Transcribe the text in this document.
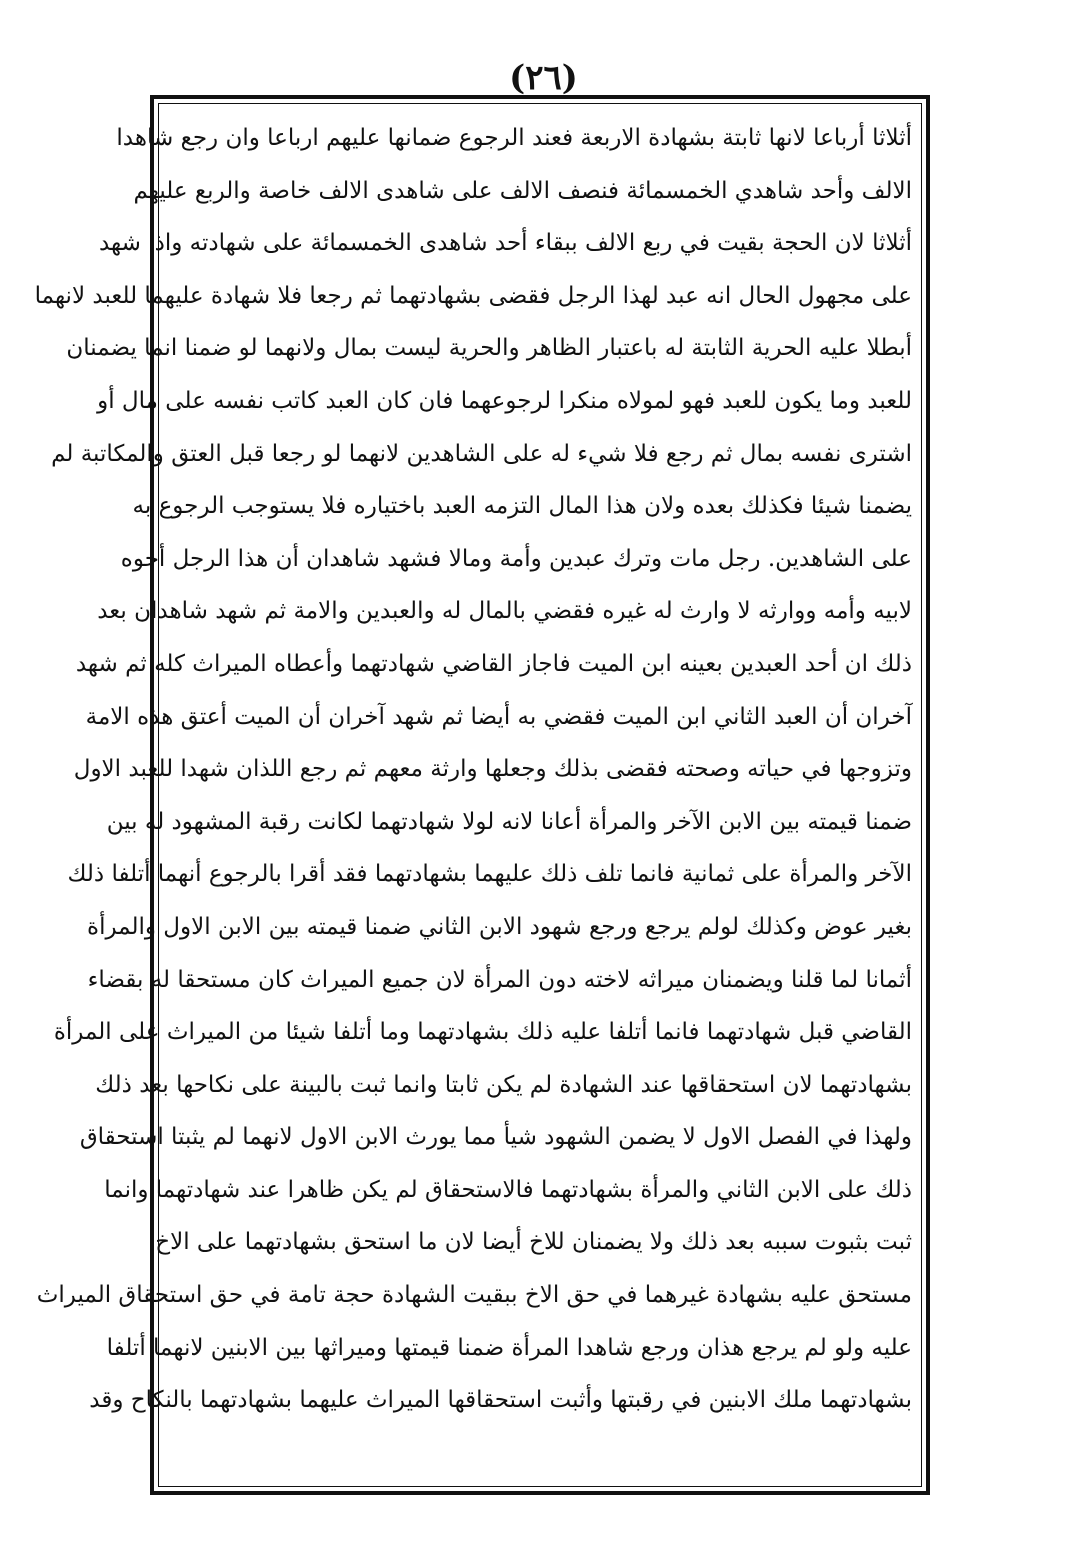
(٢٦)
أثلاثا أرباعا لانها ثابتة بشهادة الاربعة فعند الرجوع ضمانها عليهم ارباعا وان رجع شاهدا
الالف وأحد شاهدي الخمسمائة فنصف الالف على شاهدى الالف خاصة والربع عليهم
أثلاثا لان الحجة بقيت في ربع الالف ببقاء أحد شاهدى الخمسمائة على شهادته واذا شهد
على مجهول الحال انه عبد لهذا الرجل فقضى بشهادتهما ثم رجعا فلا شهادة عليهما للعبد لانهما
أبطلا عليه الحرية الثابتة له باعتبار الظاهر والحرية ليست بمال ولانهما لو ضمنا انما يضمنان
للعبد وما يكون للعبد فهو لمولاه منكرا لرجوعهما فان كان العبد كاتب نفسه على مال أو
اشترى نفسه بمال ثم رجع فلا شيء له على الشاهدين لانهما لو رجعا قبل العتق والمكاتبة لم
يضمنا شيئا فكذلك بعده ولان هذا المال التزمه العبد باختياره فلا يستوجب الرجوع به
على الشاهدين. رجل مات وترك عبدين وأمة ومالا فشهد شاهدان أن هذا الرجل أخوه
لابيه وأمه ووارثه لا وارث له غيره فقضي بالمال له والعبدين والامة ثم شهد شاهدان بعد
ذلك ان أحد العبدين بعينه ابن الميت فاجاز القاضي شهادتهما وأعطاه الميراث كله ثم شهد
آخران أن العبد الثاني ابن الميت فقضي به أيضا ثم شهد آخران أن الميت أعتق هذه الامة
وتزوجها في حياته وصحته فقضى بذلك وجعلها وارثة معهم ثم رجع اللذان شهدا للعبد الاول
ضمنا قيمته بين الابن الآخر والمرأة أعانا لانه لولا شهادتهما لكانت رقبة المشهود له بين
الآخر والمرأة على ثمانية فانما تلف ذلك عليهما بشهادتهما فقد أقرا بالرجوع أنهما أتلفا ذلك
بغير عوض وكذلك لولم يرجع ورجع شهود الابن الثاني ضمنا قيمته بين الابن الاول والمرأة
أثمانا لما قلنا ويضمنان ميراثه لاخته دون المرأة لان جميع الميراث كان مستحقا له بقضاء
القاضي قبل شهادتهما فانما أتلفا عليه ذلك بشهادتهما وما أتلفا شيئا من الميراث على المرأة
بشهادتهما لان استحقاقها عند الشهادة لم يكن ثابتا وانما ثبت بالبينة على نكاحها بعد ذلك
ولهذا في الفصل الاول لا يضمن الشهود شيأ مما يورث الابن الاول لانهما لم يثبتا استحقاق
ذلك على الابن الثاني والمرأة بشهادتهما فالاستحقاق لم يكن ظاهرا عند شهادتهما وانما
ثبت بثبوت سببه بعد ذلك ولا يضمنان للاخ أيضا لان ما استحق بشهادتهما على الاخ
مستحق عليه بشهادة غيرهما في حق الاخ ببقيت الشهادة حجة تامة في حق استحقاق الميراث
عليه ولو لم يرجع هذان ورجع شاهدا المرأة ضمنا قيمتها وميراثها بين الابنين لانهما أتلفا
بشهادتهما ملك الابنين في رقبتها وأثبت استحقاقها الميراث عليهما بشهادتهما بالنكاح وقد
